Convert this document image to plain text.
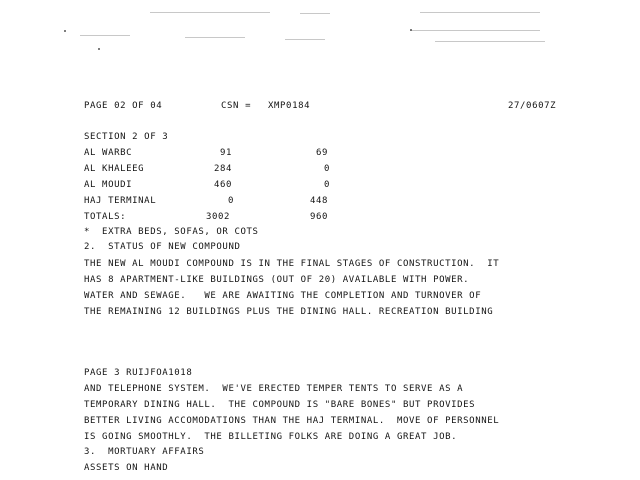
PAGE 02 OF 04	CSN = XMP0184	27/0607Z
SECTION 2 OF 3
AL WARBC	91	69
AL KHALEEG	284	0
AL MOUDI	460	0
HAJ TERMINAL	0	448
TOTALS:	3002	960
*  EXTRA BEDS, SOFAS, OR COTS
2.  STATUS OF NEW COMPOUND
THE NEW AL MOUDI COMPOUND IS IN THE FINAL STAGES OF CONSTRUCTION.  IT
HAS 8 APARTMENT-LIKE BUILDINGS (OUT OF 20) AVAILABLE WITH POWER.
WATER AND SEWAGE.   WE ARE AWAITING THE COMPLETION AND TURNOVER OF
THE REMAINING 12 BUILDINGS PLUS THE DINING HALL. RECREATION BUILDING
PAGE 3 RUIJFOA1018
AND TELEPHONE SYSTEM.  WE'VE ERECTED TEMPER TENTS TO SERVE AS A
TEMPORARY DINING HALL.  THE COMPOUND IS "BARE BONES" BUT PROVIDES
BETTER LIVING ACCOMODATIONS THAN THE HAJ TERMINAL.  MOVE OF PERSONNEL
IS GOING SMOOTHLY.  THE BILLETING FOLKS ARE DOING A GREAT JOB.
3.  MORTUARY AFFAIRS
ASSETS ON HAND
